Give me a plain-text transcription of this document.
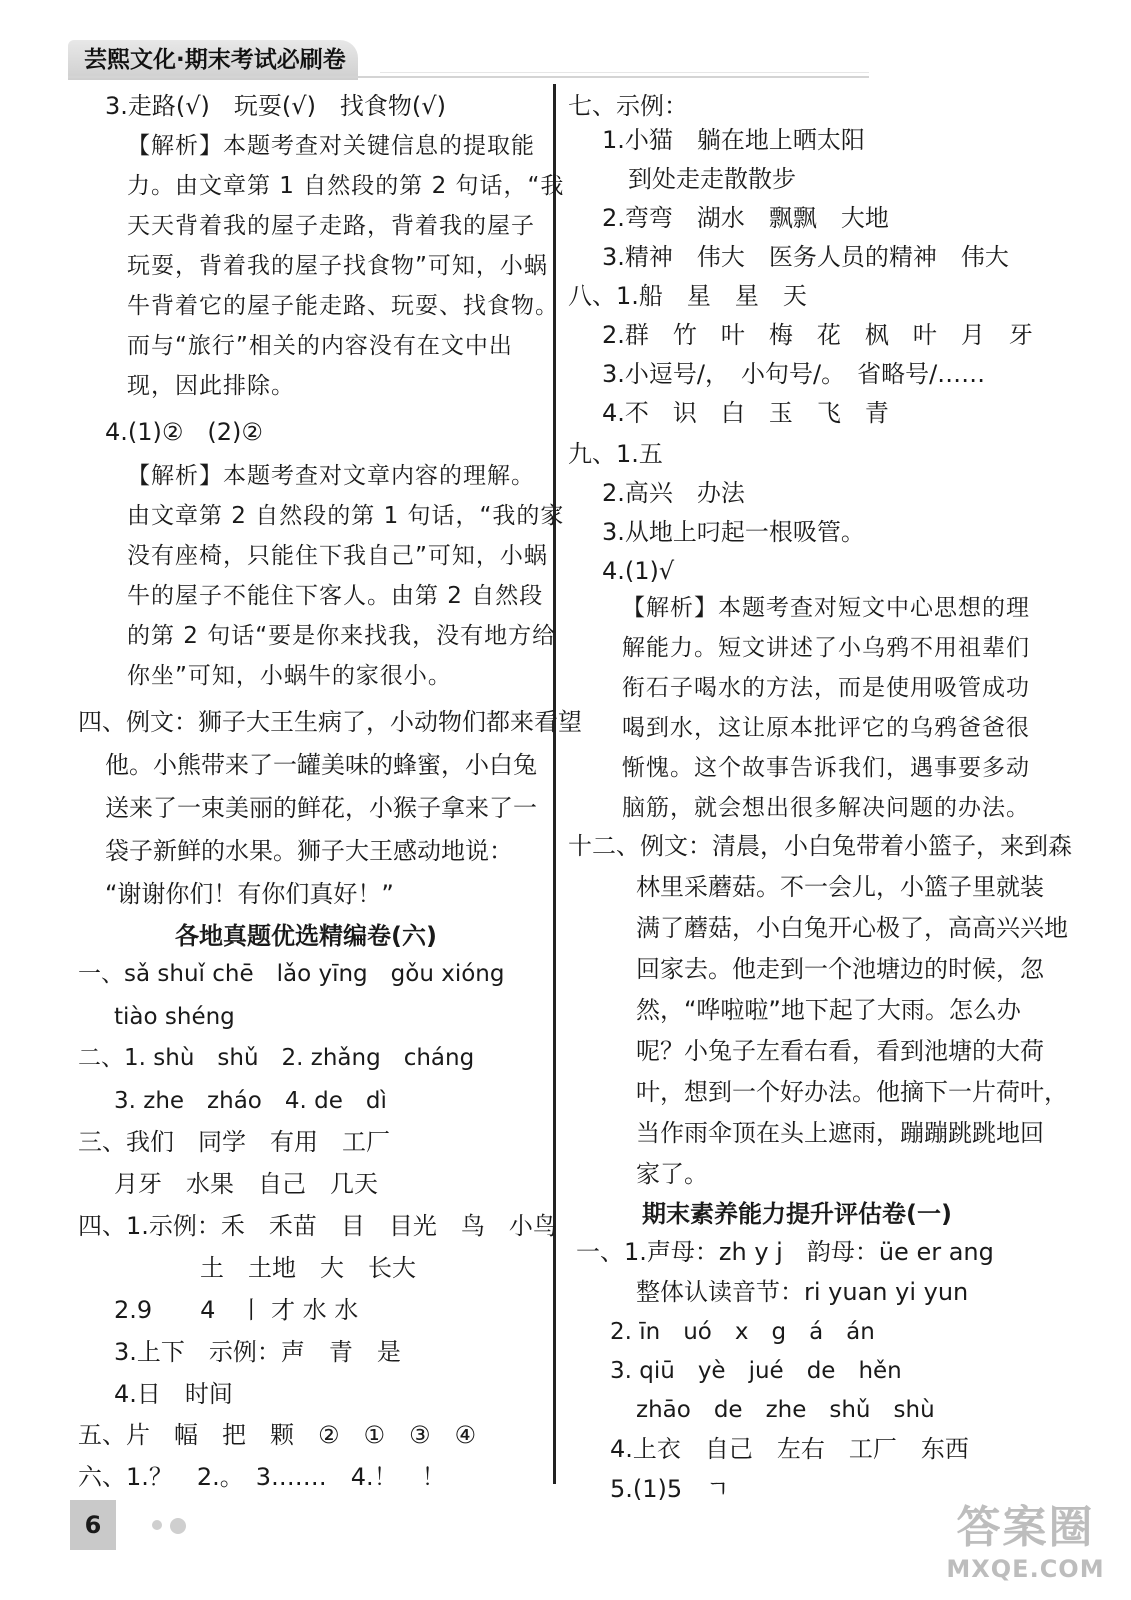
芸熙文化·期末考试必刷卷
3.走路(√)　玩耍(√)　找食物(√)
【解析】本题考查对关键信息的提取能
力。由文章第 1 自然段的第 2 句话，“我
天天背着我的屋子走路，背着我的屋子
玩耍，背着我的屋子找食物”可知，小蜗
牛背着它的屋子能走路、玩耍、找食物。
而与“旅行”相关的内容没有在文中出
现，因此排除。
4.(1)②　(2)②
【解析】本题考查对文章内容的理解。
由文章第 2 自然段的第 1 句话，“我的家
没有座椅，只能住下我自己”可知，小蜗
牛的屋子不能住下客人。由第 2 自然段
的第 2 句话“要是你来找我，没有地方给
你坐”可知，小蜗牛的家很小。
四、例文：狮子大王生病了，小动物们都来看望
他。小熊带来了一罐美味的蜂蜜，小白兔
送来了一束美丽的鲜花，小猴子拿来了一
袋子新鲜的水果。狮子大王感动地说：
“谢谢你们！有你们真好！”
各地真题优选精编卷(六)
一、sǎ shuǐ chē　lǎo yīng　gǒu xióng
tiào shéng
二、1. shù　shǔ　2. zhǎng　cháng
3. zhe　zháo　4. de　dì
三、我们　同学　有用　工厂
月牙　水果　自己　几天
四、1.示例：禾　禾苗　目　目光　鸟　小鸟
土　土地　大　长大
2.9　　4　丨 才 水 水
3.上下　示例：声　青　是
4.日　时间
五、片　幅　把　颗　②　①　③　④
六、1.？　2.。　3.……　4.！　！
七、示例：
1.小猫　躺在地上晒太阳
到处走走散散步
2.弯弯　湖水　飘飘　大地
3.精神　伟大　医务人员的精神　伟大
八、1.船　星　星　天
2.群　竹　叶　梅　花　枫　叶　月　牙
3.小逗号/，　小句号/。　省略号/……
4.不　识　白　玉　飞　青
九、1.五
2.高兴　办法
3.从地上叼起一根吸管。
4.(1)√
【解析】本题考查对短文中心思想的理
解能力。短文讲述了小乌鸦不用祖辈们
衔石子喝水的方法，而是使用吸管成功
喝到水，这让原本批评它的乌鸦爸爸很
惭愧。这个故事告诉我们，遇事要多动
脑筋，就会想出很多解决问题的办法。
十二、例文：清晨，小白兔带着小篮子，来到森
林里采蘑菇。不一会儿，小篮子里就装
满了蘑菇，小白兔开心极了，高高兴兴地
回家去。他走到一个池塘边的时候，忽
然，“哗啦啦”地下起了大雨。怎么办
呢？小兔子左看右看，看到池塘的大荷
叶，想到一个好办法。他摘下一片荷叶，
当作雨伞顶在头上遮雨，蹦蹦跳跳地回
家了。
期末素养能力提升评估卷(一)
一、1.声母：zh y j　韵母：üe er ang
整体认读音节：ri yuan yi yun
2. īn　uó　x　g　á　án
3. qiū　yè　jué　de　hěn
zhāo　de　zhe　shǔ　shù
4.上衣　自己　左右　工厂　东西
5.(1)5　ㄱ
6	答案圈
MXQE.COM
